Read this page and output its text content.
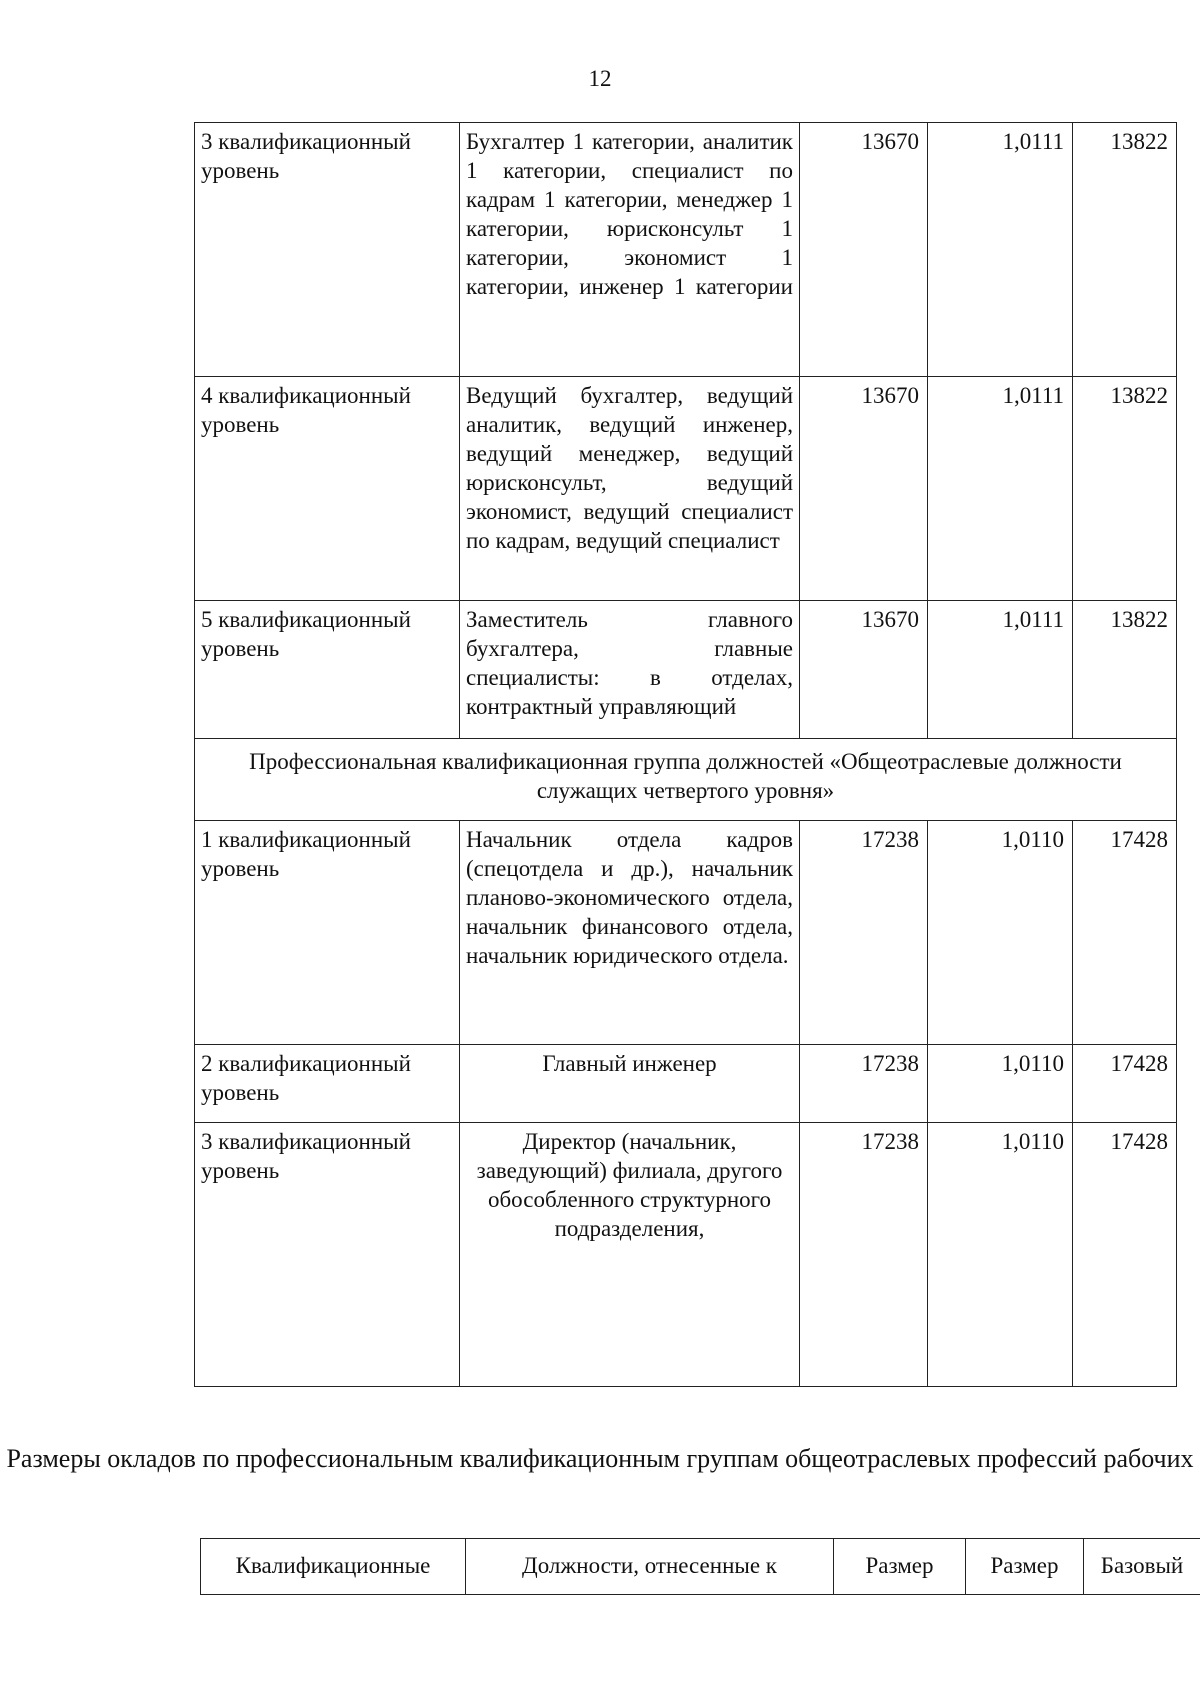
12
3 квалификационный уровень	Бухгалтер 1 категории, аналитик 1 категории, специалист по кадрам 1 категории, менеджер 1 категории, юрисконсульт 1 категории, экономист 1 категории, инженер 1 категории	13670	1,0111	13822
4 квалификационный уровень	Ведущий бухгалтер, ведущий аналитик, ведущий инженер, ведущий менеджер, ведущий юрисконсульт, ведущий экономист, ведущий специалист по кадрам, ведущий специалист	13670	1,0111	13822
5 квалификационный уровень	Заместитель главного бухгалтера, главные специалисты: в отделах, контрактный управляющий	13670	1,0111	13822
Профессиональная квалификационная группа должностей «Общеотраслевые должности служащих четвертого уровня»				
1 квалификационный уровень	Начальник отдела кадров (спецотдела и др.), начальник планово-экономического отдела, начальник финансового отдела, начальник юридического отдела.	17238	1,0110	17428
2 квалификационный уровень	Главный инженер	17238	1,0110	17428
3 квалификационный уровень	Директор (начальник, заведующий) филиала, другого обособленного структурного подразделения,	17238	1,0110	17428
Размеры окладов по профессиональным квалификационным группам общеотраслевых профессий рабочих
Квалификационные	Должности, отнесенные к	Размер	Размер	Базовый
